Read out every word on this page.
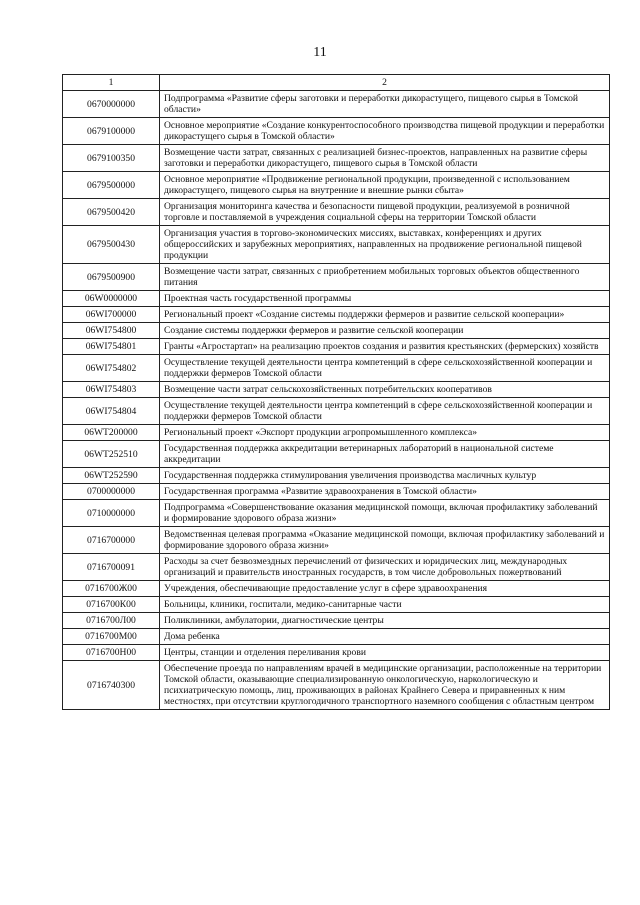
11
1	2
0670000000	Подпрограмма «Развитие сферы заготовки и переработки дикорастущего, пищевого сырья в Томской области»
0679100000	Основное мероприятие «Создание конкурентоспособного производства пищевой продукции и переработки дикорастущего сырья в Томской области»
0679100350	Возмещение части затрат, связанных с реализацией бизнес-проектов, направленных на развитие сферы заготовки и переработки дикорастущего, пищевого сырья в Томской области
0679500000	Основное мероприятие «Продвижение региональной продукции, произведенной с использованием дикорастущего, пищевого сырья на внутренние и внешние рынки сбыта»
0679500420	Организация мониторинга качества и безопасности пищевой продукции, реализуемой в розничной торговле и поставляемой в учреждения социальной сферы на территории Томской области
0679500430	Организация участия в торгово-экономических миссиях, выставках, конференциях и других общероссийских и зарубежных мероприятиях, направленных на продвижение региональной пищевой продукции
0679500900	Возмещение части затрат, связанных с приобретением мобильных торговых объектов общественного питания
06W0000000	Проектная часть государственной программы
06WI700000	Региональный проект «Создание системы поддержки фермеров и развитие сельской кооперации»
06WI754800	Создание системы поддержки фермеров и развитие сельской кооперации
06WI754801	Гранты «Агростартап» на реализацию проектов создания и развития крестьянских (фермерских) хозяйств
06WI754802	Осуществление текущей деятельности центра компетенций в сфере сельскохозяйственной кооперации и поддержки фермеров Томской области
06WI754803	Возмещение части затрат сельскохозяйственных потребительских кооперативов
06WI754804	Осуществление текущей деятельности центра компетенций в сфере сельскохозяйственной кооперации и поддержки фермеров Томской области
06WT200000	Региональный проект «Экспорт продукции агропромышленного комплекса»
06WT252510	Государственная поддержка аккредитации ветеринарных лабораторий в национальной системе аккредитации
06WT252590	Государственная поддержка стимулирования увеличения производства масличных культур
0700000000	Государственная программа «Развитие здравоохранения в Томской области»
0710000000	Подпрограмма «Совершенствование оказания медицинской помощи, включая профилактику заболеваний и формирование здорового образа жизни»
0716700000	Ведомственная целевая программа «Оказание медицинской помощи, включая профилактику заболеваний и формирование здорового образа жизни»
0716700091	Расходы за счет безвозмездных перечислений от физических и юридических лиц, международных организаций и правительств иностранных государств, в том числе добровольных пожертвований
0716700Ж00	Учреждения, обеспечивающие предоставление услуг в сфере здравоохранения
0716700К00	Больницы, клиники, госпитали, медико-санитарные части
0716700Л00	Поликлиники, амбулатории, диагностические центры
0716700М00	Дома ребенка
0716700Н00	Центры, станции и отделения переливания крови
0716740300	Обеспечение проезда по направлениям врачей в медицинские организации, расположенные на территории Томской области, оказывающие специализированную онкологическую, наркологическую и психиатрическую помощь, лиц, проживающих в районах Крайнего Севера и приравненных к ним местностях, при отсутствии круглогодичного транспортного наземного сообщения с областным центром
